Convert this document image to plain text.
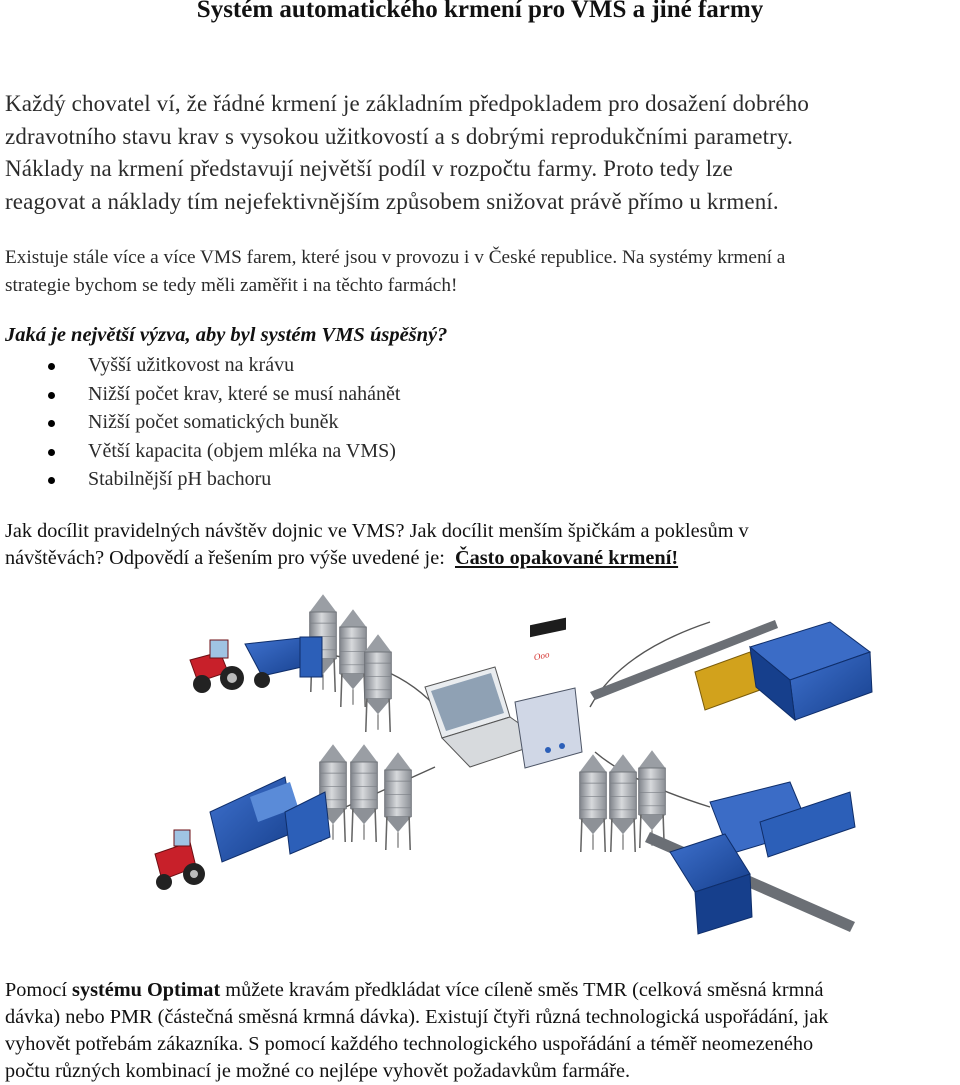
Systém automatického krmení pro VMS a jiné farmy

Každý chovatel ví, že řádné krmení je základním předpokladem pro dosažení dobrého
zdravotního stavu krav s vysokou užitkovostí a s dobrými reprodukčními parametry.
Náklady na krmení představují největší podíl v rozpočtu farmy. Proto tedy lze
reagovat a náklady tím nejefektivnějším způsobem snižovat právě přímo u krmení.

Existuje stále více a více VMS farem, které jsou v provozu i v České republice. Na systémy krmení a
strategie bychom se tedy měli zaměřit i na těchto farmách!

Jaká je největší výzva, aby byl systém VMS úspěšný?

Vyšší užitkovost na krávu
Nižší počet krav, které se musí nahánět
Nižší počet somatických buněk
Větší kapacita (objem mléka na VMS)
Stabilnější pH bachoru

Jak docílit pravidelných návštěv dojnic ve VMS? Jak docílit menším špičkám a poklesům v
návštěvách? Odpovědí a řešením pro výše uvedené je:  Často opakované krmení!

Ooo

Pomocí systému Optimat můžete kravám předkládat více cíleně směs TMR (celková směsná krmná
dávka) nebo PMR (částečná směsná krmná dávka). Existují čtyři různá technologická uspořádání, jak
vyhovět potřebám zákazníka. S pomocí každého technologického uspořádání a téměř neomezeného
počtu různých kombinací je možné co nejlépe vyhovět požadavkům farmáře.
